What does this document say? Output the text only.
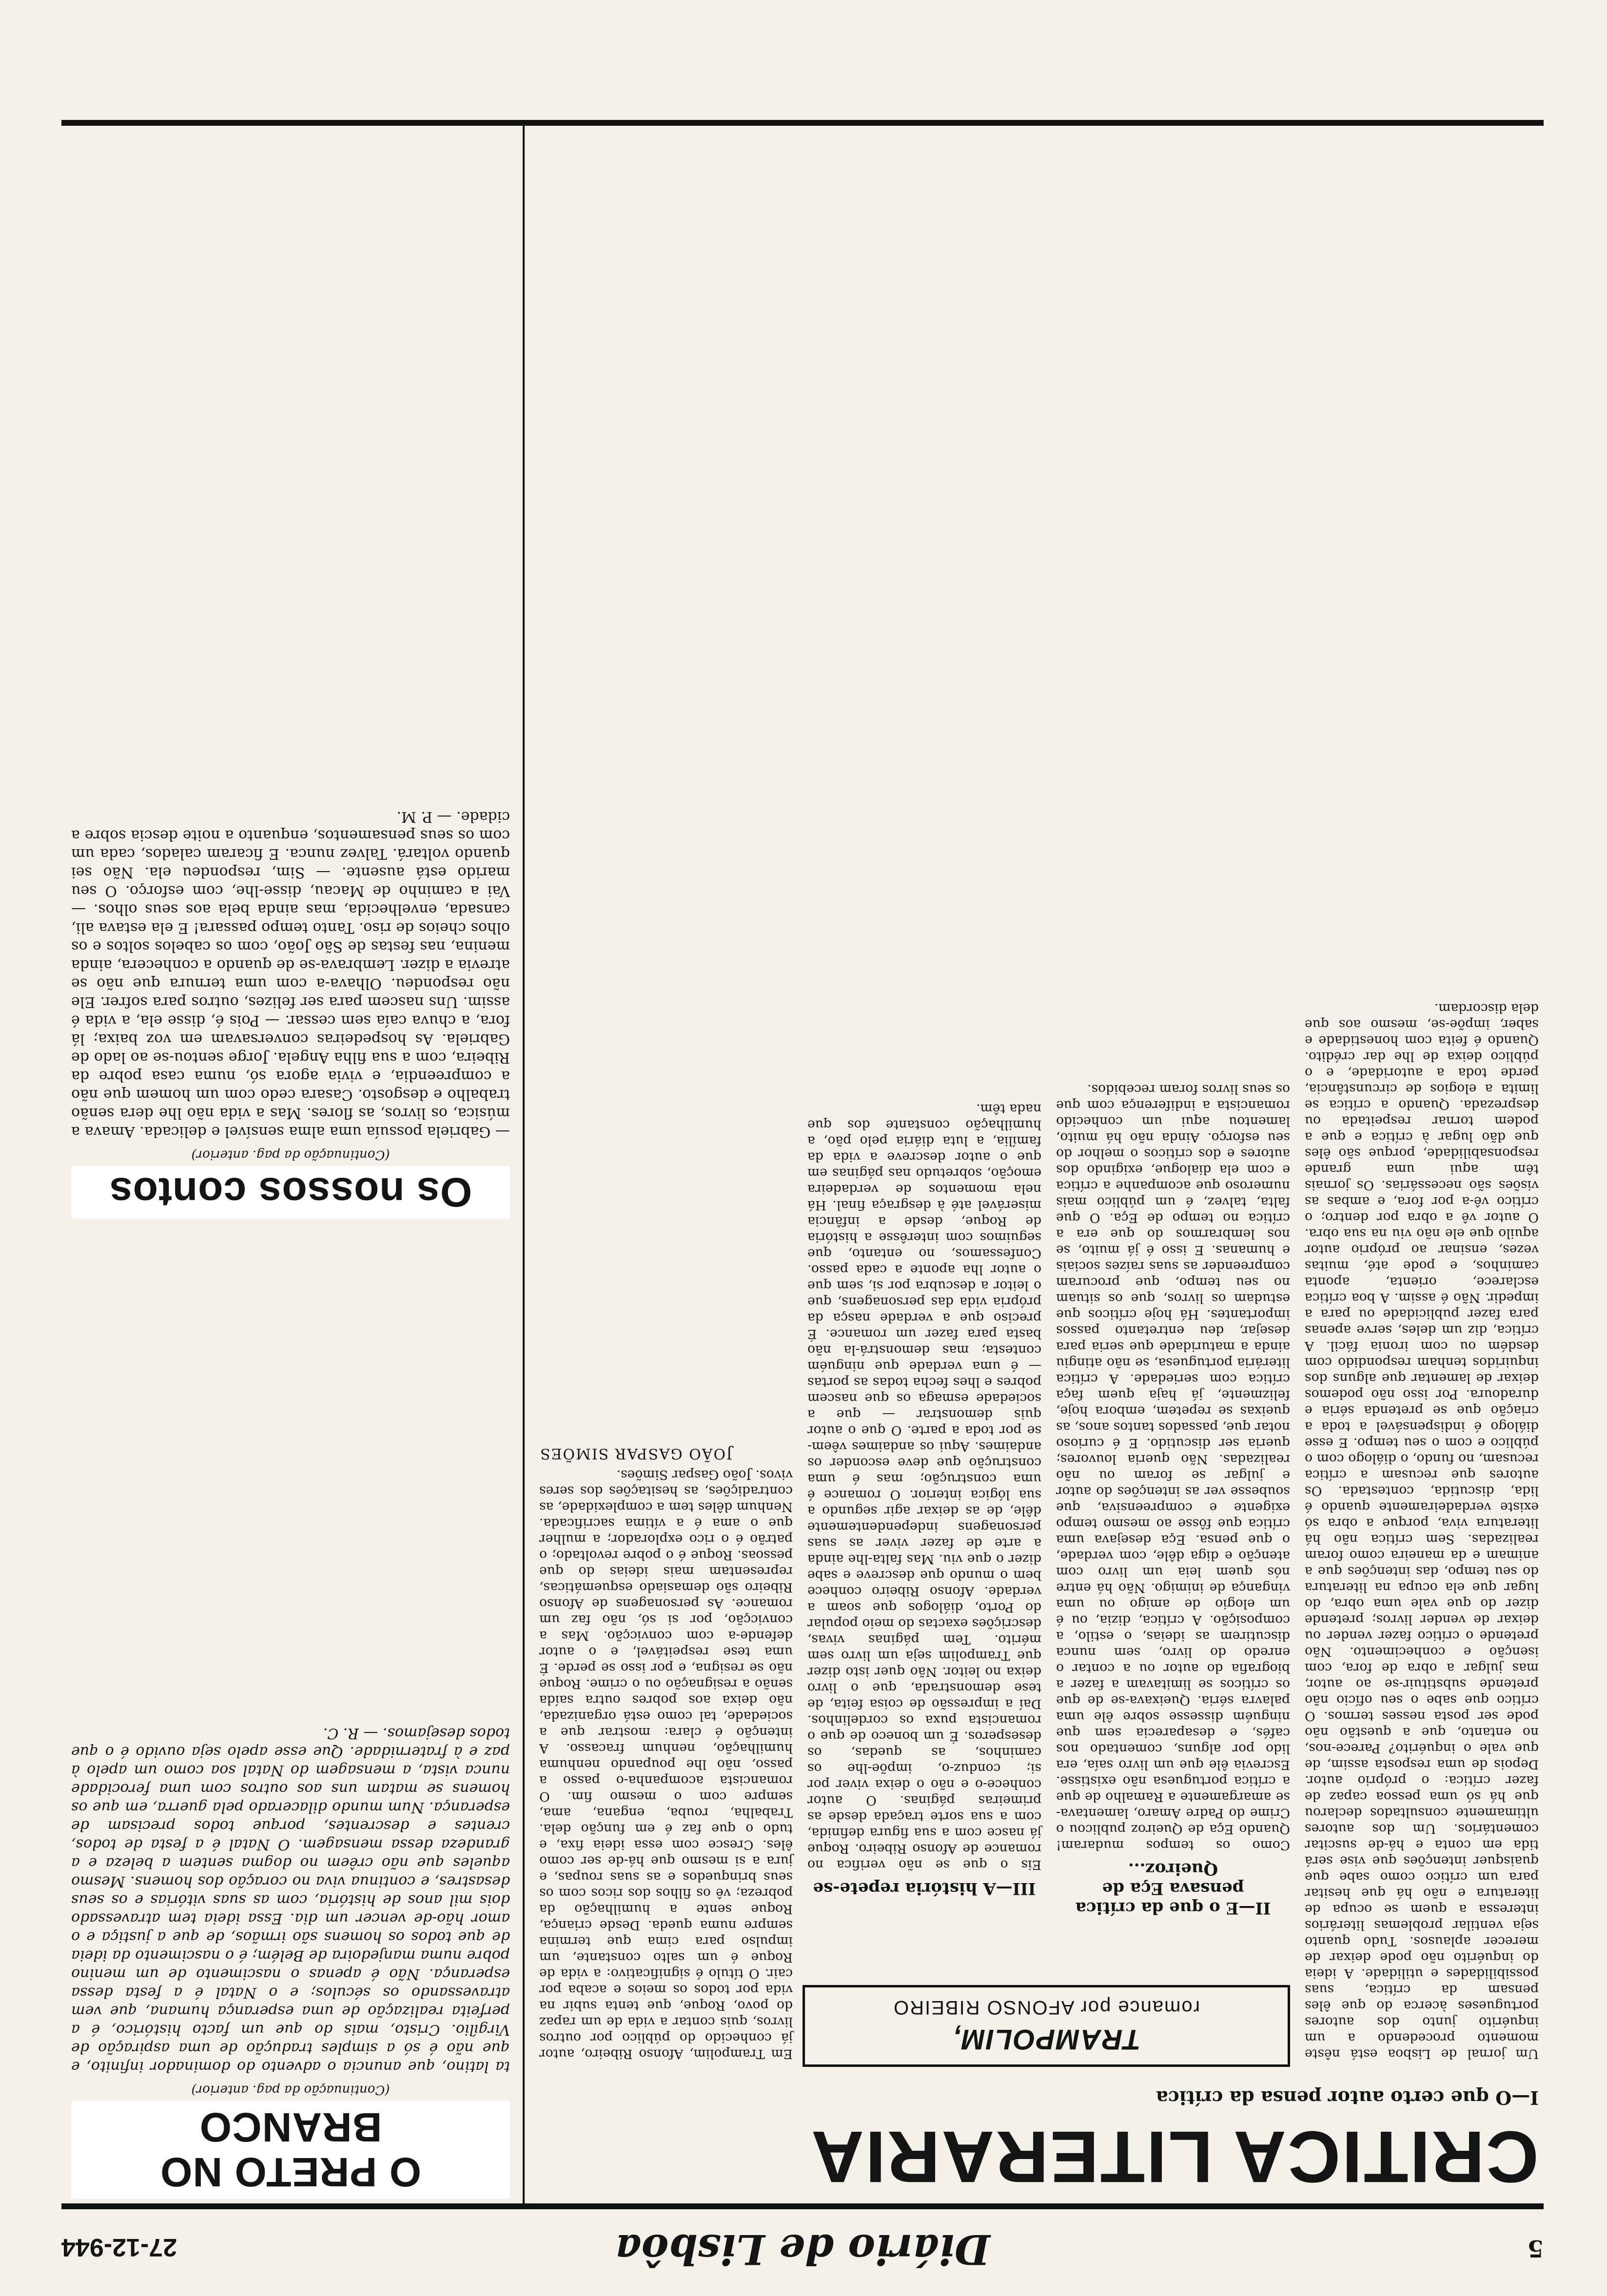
5
Diário de Lisbôa
27-12-944
CRITICA LITERARIA
I—O que certo autor pensa da crítica

Um jornal de Lisboa está nêste momento procedendo a um inquérito junto dos autores portugueses àcerca do que êles pensam da crítica, suas possibilidades e utilidade. A ideia do inquérito não pode deixar de merecer aplausos. Tudo quanto seja ventilar problemas literários interessa a quem se ocupa de literatura e não há que hesitar para um crítico como sabe que quaisquer intenções que vise será tida em conta e há-de suscitar comentários. Um dos autores ultimamente consultados declarou que há só uma pessoa capaz de fazer crítica: o próprio autor. Depois de uma resposta assim, de que vale o inquérito? Parece-nos, no entanto, que a questão não pode ser posta nesses termos. O crítico que sabe o seu ofício não pretende substituir-se ao autor, mas julgar a obra de fora, com isenção e conhecimento. Não pretende o crítico fazer vender ou deixar de vender livros; pretende dizer do que vale uma obra, do lugar que ela ocupa na literatura do seu tempo, das intenções que a animam e da maneira como foram realizadas. Sem crítica não há literatura viva, porque a obra só existe verdadeiramente quando é lida, discutida, contestada. Os autores que recusam a crítica recusam, no fundo, o diálogo com o público e com o seu tempo. E esse diálogo é indispensável a toda a criação que se pretenda séria e duradoura. Por isso não podemos deixar de lamentar que alguns dos inquiridos tenham respondido com desdém ou com ironia fácil. A crítica, diz um deles, serve apenas para fazer publicidade ou para a impedir. Não é assim. A boa crítica esclarece, orienta, aponta caminhos, e pode até, muitas vezes, ensinar ao próprio autor aquilo que ele não viu na sua obra. O autor vê a obra por dentro; o crítico vê-a por fora, e ambas as visões são necessárias. Os jornais têm aqui uma grande responsabilidade, porque são êles que dão lugar à crítica e que a podem tornar respeitada ou desprezada. Quando a crítica se limita a elogios de circunstância, perde toda a autoridade, e o público deixa de lhe dar crédito. Quando é feita com honestidade e saber, impõe-se, mesmo aos que dela discordam.

TRAMPOLIM,
romance por AFONSO RIBEIRO
II—E o que da crítica pensava Eça de Queiroz...

Como os tempos mudaram! Quando Eça de Queiroz publicou o Crime do Padre Amaro, lamentava-se amargamente a Ramalho de que a crítica portuguesa não existisse. Escrevia êle que um livro saía, era lido por alguns, comentado nos cafés, e desaparecia sem que ninguém dissesse sobre êle uma palavra séria. Queixava-se de que os críticos se limitavam a fazer a biografia do autor ou a contar o enredo do livro, sem nunca discutirem as ideias, o estilo, a composição. A crítica, dizia, ou é um elogio de amigo ou uma vingança de inimigo. Não há entre nós quem leia um livro com atenção e diga dêle, com verdade, o que pensa. Eça desejava uma crítica que fôsse ao mesmo tempo exigente e compreensiva, que soubesse ver as intenções do autor e julgar se foram ou não realizadas. Não queria louvores; queria ser discutido. E é curioso notar que, passados tantos anos, as queixas se repetem, embora hoje, felizmente, já haja quem faça crítica com seriedade. A crítica literária portuguesa, se não atingiu ainda a maturidade que seria para desejar, deu entretanto passos importantes. Há hoje críticos que estudam os livros, que os situam no seu tempo, que procuram compreender as suas raízes sociais e humanas. E isso é já muito, se nos lembrarmos do que era a crítica no tempo de Eça. O que falta, talvez, é um público mais numeroso que acompanhe a crítica e com ela dialogue, exigindo dos autores e dos críticos o melhor do seu esforço. Ainda não há muito, lamentou aqui um conhecido romancista a indiferença com que os seus livros foram recebidos.

III—A história repete-se

Eis o que se não verifica no romance de Afonso Ribeiro. Roque já nasce com a sua figura definida, com a sua sorte traçada desde as primeiras páginas. O autor conhece-o e não o deixa viver por si; conduz-o, impõe-lhe os caminhos, as quedas, os desesperos. É um boneco de que o romancista puxa os cordelinhos. Daí a impressão de coisa feita, de tese demonstrada, que o livro deixa no leitor. Não quer isto dizer que Trampolim seja um livro sem mérito. Tem páginas vivas, descrições exactas do meio popular do Porto, diálogos que soam a verdade. Afonso Ribeiro conhece bem o mundo que descreve e sabe dizer o que viu. Mas falta-lhe ainda a arte de fazer viver as suas personagens independentemente dêle, de as deixar agir segundo a sua lógica interior. O romance é uma construção; mas é uma construção que deve esconder os andaimes. Aqui os andaimes vêem-se por toda a parte. O que o autor quis demonstrar — que a sociedade esmaga os que nascem pobres e lhes fecha todas as portas — é uma verdade que ninguém contesta; mas demonstrá-la não basta para fazer um romance. É preciso que a verdade nasça da própria vida das personagens, que o leitor a descubra por si, sem que o autor lha aponte a cada passo. Confessamos, no entanto, que seguimos com interêsse a história de Roque, desde a infância miserável até à desgraça final. Há nela momentos de verdadeira emoção, sobretudo nas páginas em que o autor descreve a vida da família, a luta diária pelo pão, a humilhação constante dos que nada têm.

Em Trampolim, Afonso Ribeiro, autor já conhecido do público por outros livros, quis contar a vida de um rapaz do povo, Roque, que tenta subir na vida por todos os meios e acaba por cair. O título é significativo: a vida de Roque é um salto constante, um impulso para cima que termina sempre numa queda. Desde criança, Roque sente a humilhação da pobreza; vê os filhos dos ricos com os seus brinquedos e as suas roupas, e jura a si mesmo que há-de ser como êles. Cresce com essa ideia fixa, e tudo o que faz é em função dela. Trabalha, rouba, engana, ama, sempre com o mesmo fim. O romancista acompanha-o passo a passo, não lhe poupando nenhuma humilhação, nenhum fracasso. A intenção é clara: mostrar que a sociedade, tal como está organizada, não deixa aos pobres outra saída senão a resignação ou o crime. Roque não se resigna, e por isso se perde. É uma tese respeitável, e o autor defende-a com convicção. Mas a convicção, por si só, não faz um romance. As personagens de Afonso Ribeiro são demasiado esquemáticas, representam mais ideias do que pessoas. Roque é o pobre revoltado; o patrão é o rico explorador; a mulher que o ama é a vítima sacrificada. Nenhum dêles tem a complexidade, as contradições, as hesitações dos seres vivos. João Gaspar Simões.

JOÃO GASPAR SIMÕES
O PRETO NO BRANCO
(Continuação da pag. anterior)

ta latino, que anuncia o advento do dominador infinito, e que não é só a simples tradução de uma aspiração de Virgílio. Cristo, mais do que um facto histórico, é a perfeita realização de uma esperança humana, que vem atravessando os séculos; e o Natal é a festa dessa esperança. Não é apenas o nascimento de um menino pobre numa manjedoira de Belém; é o nascimento da ideia de que todos os homens são irmãos, de que a justiça e o amor hão-de vencer um dia. Essa ideia tem atravessado dois mil anos de história, com as suas vitórias e os seus desastres, e continua viva no coração dos homens. Mesmo aqueles que não crêem no dogma sentem a beleza e a grandeza dessa mensagem. O Natal é a festa de todos, crentes e descrentes, porque todos precisam de esperança. Num mundo dilacerado pela guerra, em que os homens se matam uns aos outros com uma ferocidade nunca vista, a mensagem do Natal soa como um apelo à paz e à fraternidade. Que esse apelo seja ouvido é o que todos desejamos. — R. C.

Os nossos contos
(Continuação da pag. anterior)

— Gabriela possuía uma alma sensível e delicada. Amava a música, os livros, as flores. Mas a vida não lhe dera senão trabalho e desgosto. Casara cedo com um homem que não a compreendia, e vivia agora só, numa casa pobre da Ribeira, com a sua filha Angela. Jorge sentou-se ao lado de Gabriela. As hospedeiras conversavam em voz baixa; lá fora, a chuva caía sem cessar. — Pois é, disse ela, a vida é assim. Uns nascem para ser felizes, outros para sofrer. Ele não respondeu. Olhava-a com uma ternura que não se atrevia a dizer. Lembrava-se de quando a conhecera, ainda menina, nas festas de São João, com os cabelos soltos e os olhos cheios de riso. Tanto tempo passara! E ela estava ali, cansada, envelhecida, mas ainda bela aos seus olhos. — Vai a caminho de Macau, disse-lhe, com esforço. O seu marido está ausente. — Sim, respondeu ela. Não sei quando voltará. Talvez nunca. E ficaram calados, cada um com os seus pensamentos, enquanto a noite descia sobre a cidade. — P. M.
